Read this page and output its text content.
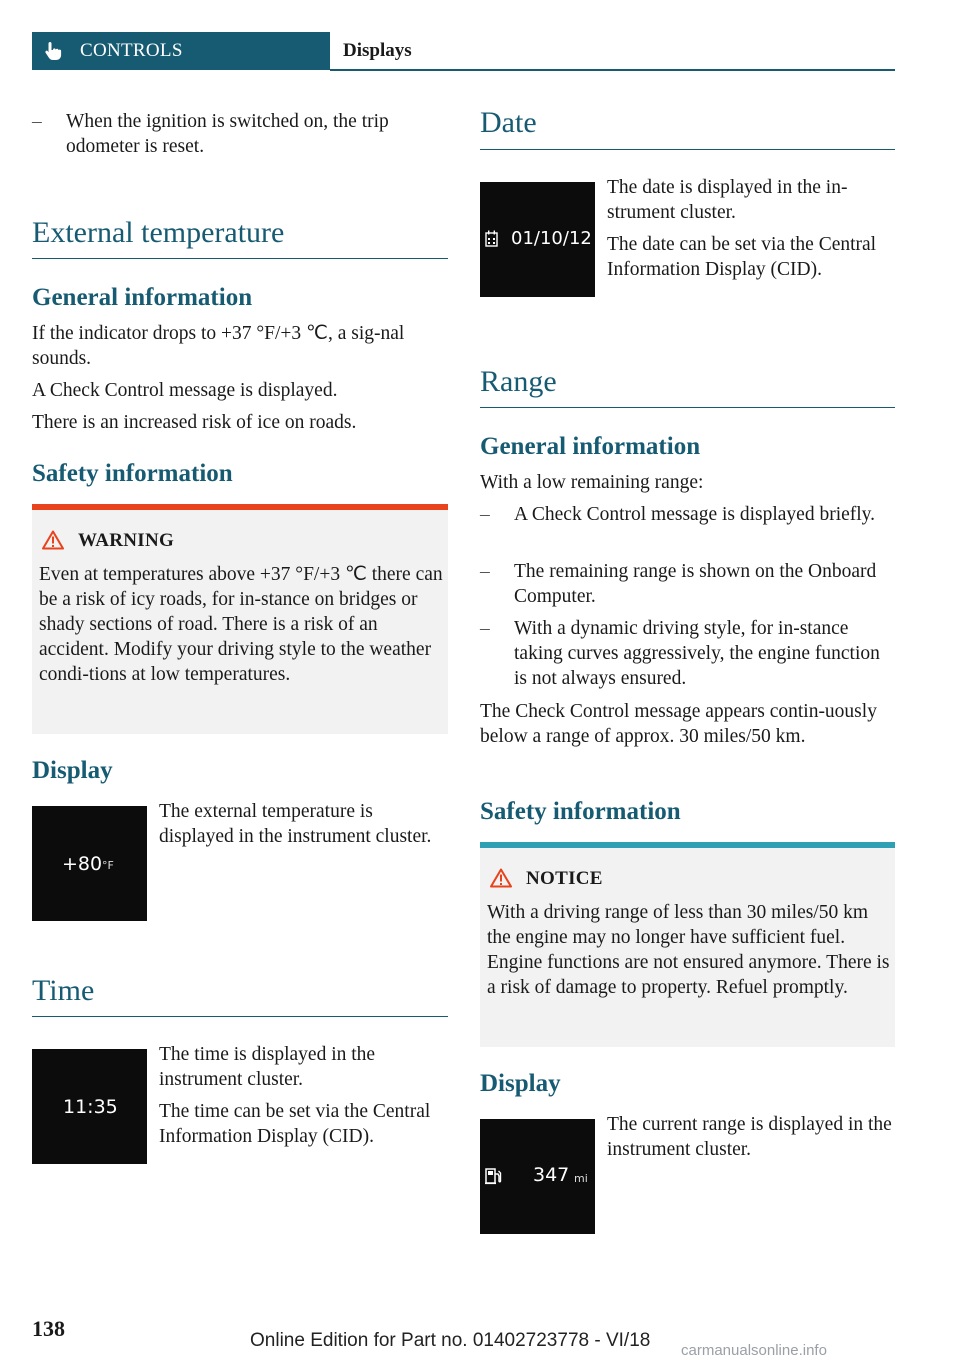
CONTROLS	Displays
– When the ignition is switched on, the trip odometer is reset.
External temperature
General information
If the indicator drops to +37 °F/+3 ℃, a sig‐nal sounds.
A Check Control message is displayed.
There is an increased risk of ice on roads.
Safety information
WARNING
Even at temperatures above +37 °F/+3 ℃ there can be a risk of icy roads, for in‐stance on bridges or shady sections of road. There is a risk of an accident. Modify your driving style to the weather condi‐tions at low temperatures.
Display
+80 °F
The external temperature is displayed in the instrument cluster.
Time
11:35
The time is displayed in the instrument cluster.
The time can be set via the Central Information Display (CID).
Date
01/10/12
The date is displayed in the in‐strument cluster.
The date can be set via the Central Information Display (CID).
Range
General information
With a low remaining range:
– A Check Control message is displayed briefly.
– The remaining range is shown on the Onboard Computer.
– With a dynamic driving style, for in‐stance taking curves aggressively, the engine function is not always ensured.
The Check Control message appears contin‐uously below a range of approx. 30 miles/50 km.
Safety information
NOTICE
With a driving range of less than 30 miles/50 km the engine may no longer have sufficient fuel. Engine functions are not ensured anymore. There is a risk of damage to property. Refuel promptly.
Display
347 mi
The current range is displayed in the instrument cluster.
138	Online Edition for Part no. 01402723778 - VI/18 carmanualsonline.info
